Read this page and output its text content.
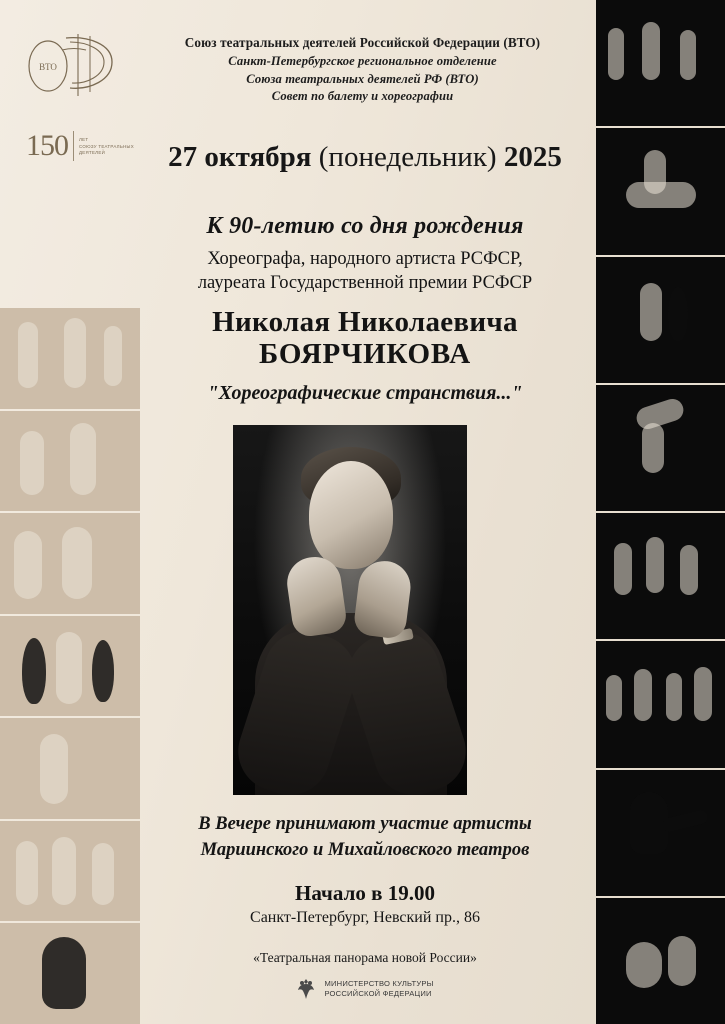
ВТО
150	ЛЕТ
СОЮЗУ ТЕАТРАЛЬНЫХ
ДЕЯТЕЛЕЙ
Союз театральных деятелей Российской Федерации (ВТО)
Санкт-Петербургское региональное отделение
Союза театральных деятелей РФ (ВТО)
Совет по балету и хореографии
27 октября (понедельник) 2025
К 90-летию со дня рождения
Хореографа, народного артиста РСФСР,
лауреата Государственной премии РСФСР
Николая Николаевича
БОЯРЧИКОВА
"Хореографические странствия..."
В Вечере принимают участие артисты
Мариинского и Михайловского театров
Начало в 19.00
Санкт-Петербург, Невский пр., 86
«Театральная панорама новой России»
МИНИСТЕРСТВО КУЛЬТУРЫ
РОССИЙСКОЙ ФЕДЕРАЦИИ
